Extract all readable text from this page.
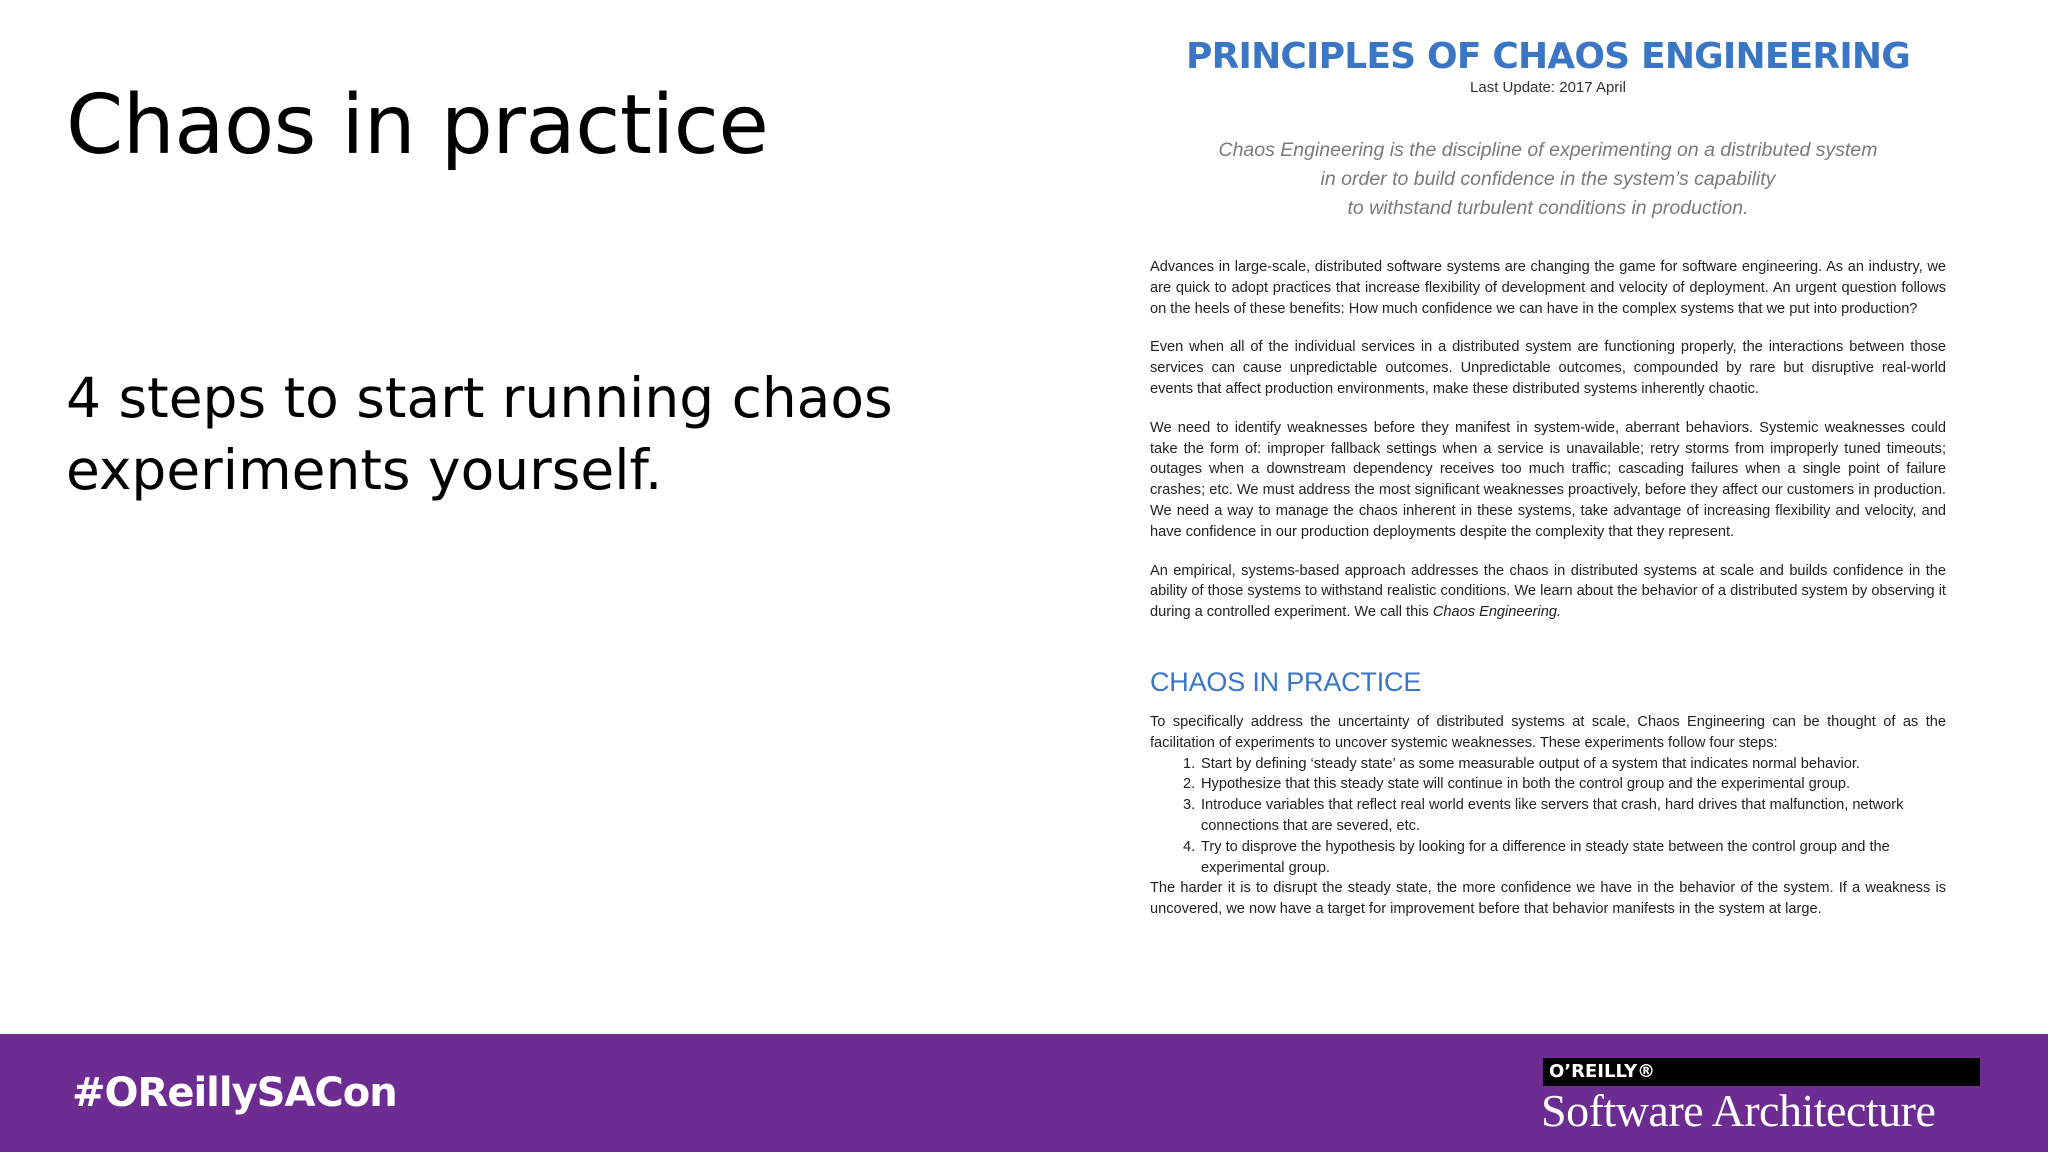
Chaos in practice
4 steps to start running chaos experiments yourself.
PRINCIPLES OF CHAOS ENGINEERING
Last Update: 2017 April
Chaos Engineering is the discipline of experimenting on a distributed system
in order to build confidence in the system’s capability
to withstand turbulent conditions in production.

Advances in large-scale, distributed software systems are changing the game for software engineering. As an industry, we are quick to adopt practices that increase flexibility of development and velocity of deployment. An urgent question follows on the heels of these benefits: How much confidence we can have in the complex systems that we put into production?

Even when all of the individual services in a distributed system are functioning properly, the interactions between those services can cause unpredictable outcomes. Unpredictable outcomes, compounded by rare but disruptive real-world events that affect production environments, make these distributed systems inherently chaotic.

We need to identify weaknesses before they manifest in system-wide, aberrant behaviors. Systemic weaknesses could take the form of: improper fallback settings when a service is unavailable; retry storms from improperly tuned timeouts; outages when a downstream dependency receives too much traffic; cascading failures when a single point of failure crashes; etc. We must address the most significant weaknesses proactively, before they affect our customers in production. We need a way to manage the chaos inherent in these systems, take advantage of increasing flexibility and velocity, and have confidence in our production deployments despite the complexity that they represent.

An empirical, systems-based approach addresses the chaos in distributed systems at scale and builds confidence in the ability of those systems to withstand realistic conditions. We learn about the behavior of a distributed system by observing it during a controlled experiment. We call this Chaos Engineering.

CHAOS IN PRACTICE

To specifically address the uncertainty of distributed systems at scale, Chaos Engineering can be thought of as the facilitation of experiments to uncover systemic weaknesses. These experiments follow four steps:

1. Start by defining ‘steady state’ as some measurable output of a system that indicates normal behavior.
2. Hypothesize that this steady state will continue in both the control group and the experimental group.
3. Introduce variables that reflect real world events like servers that crash, hard drives that malfunction, network connections that are severed, etc.
4. Try to disprove the hypothesis by looking for a difference in steady state between the control group and the experimental group.

The harder it is to disrupt the steady state, the more confidence we have in the behavior of the system. If a weakness is uncovered, we now have a target for improvement before that behavior manifests in the system at large.

#OReillySACon	O’REILLY®
Software Architecture
